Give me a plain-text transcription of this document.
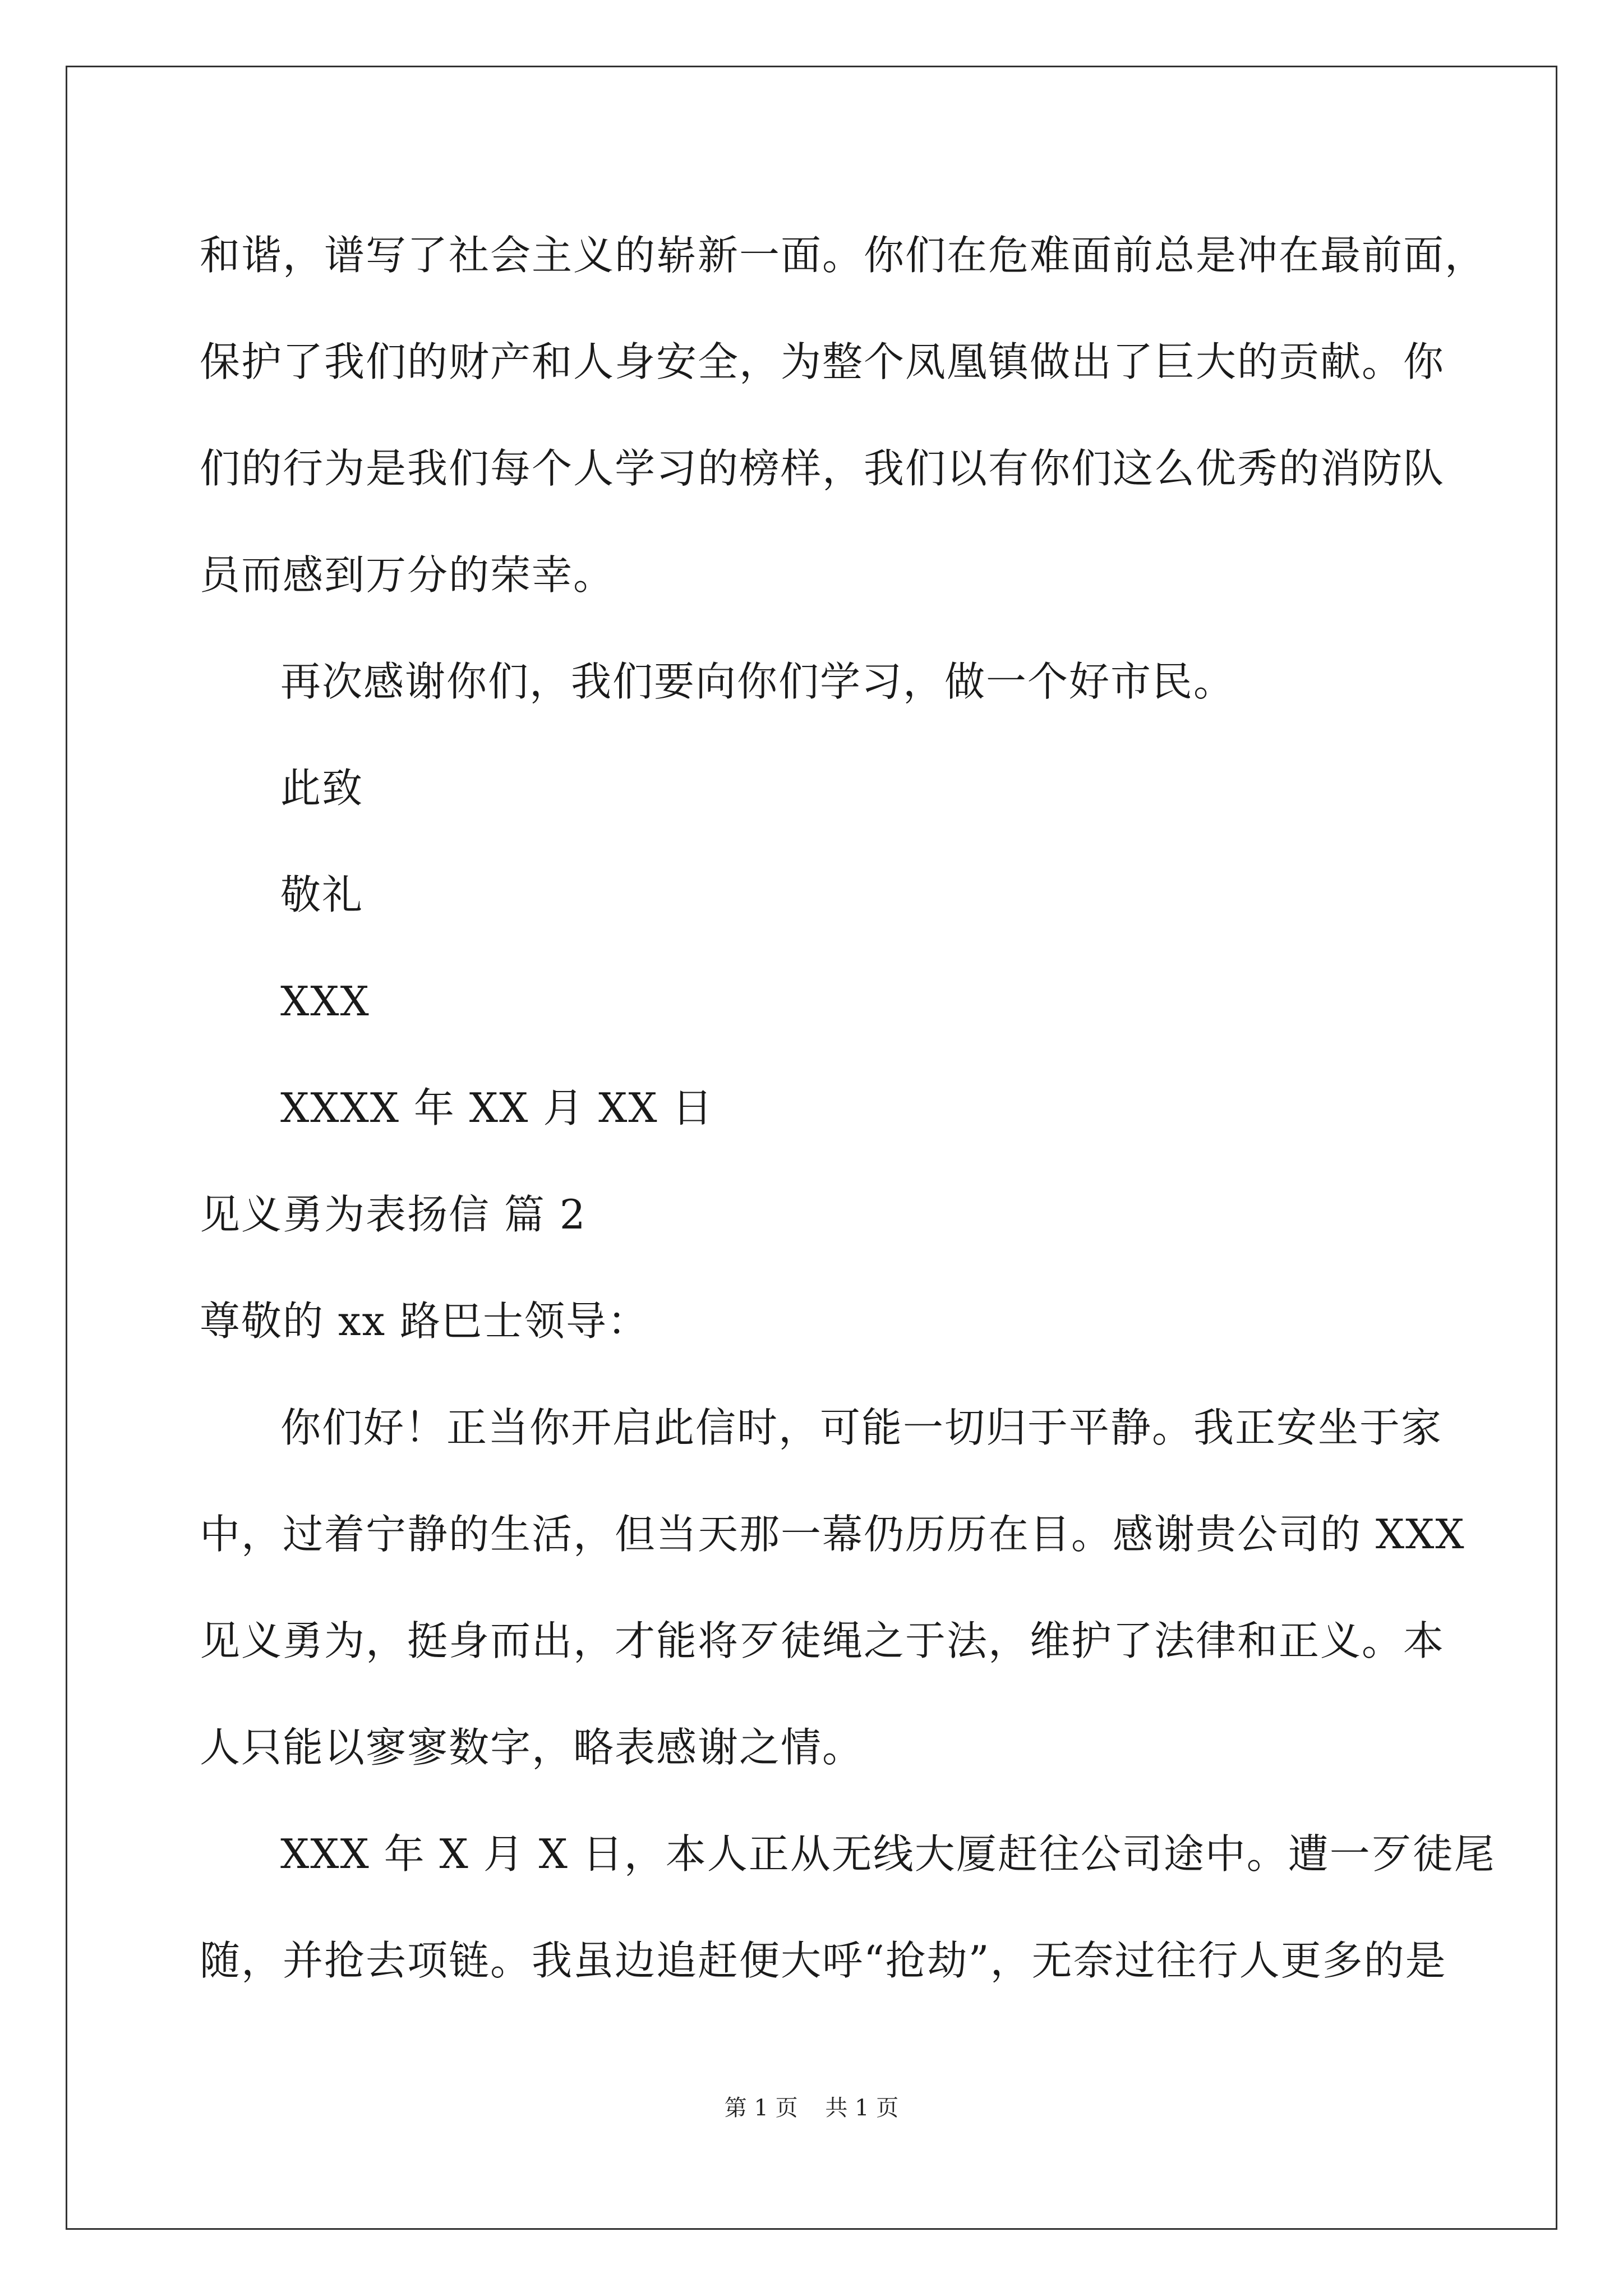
和谐，谱写了社会主义的崭新一面。你们在危难面前总是冲在最前面，
保护了我们的财产和人身安全，为整个凤凰镇做出了巨大的贡献。你
们的行为是我们每个人学习的榜样，我们以有你们这么优秀的消防队
员而感到万分的荣幸。
再次感谢你们，我们要向你们学习，做一个好市民。
此致
敬礼
XXX
XXXX 年 XX 月 XX 日
见义勇为表扬信 篇 2
尊敬的 xx 路巴士领导：
你们好！正当你开启此信时，可能一切归于平静。我正安坐于家
中，过着宁静的生活，但当天那一幕仍历历在目。感谢贵公司的 XXX
见义勇为，挺身而出，才能将歹徒绳之于法，维护了法律和正义。本
人只能以寥寥数字，略表感谢之情。
XXX 年 X 月 X 日，本人正从无线大厦赶往公司途中。遭一歹徒尾
随，并抢去项链。我虽边追赶便大呼“抢劫”，无奈过往行人更多的是
第 1 页 共 1 页
